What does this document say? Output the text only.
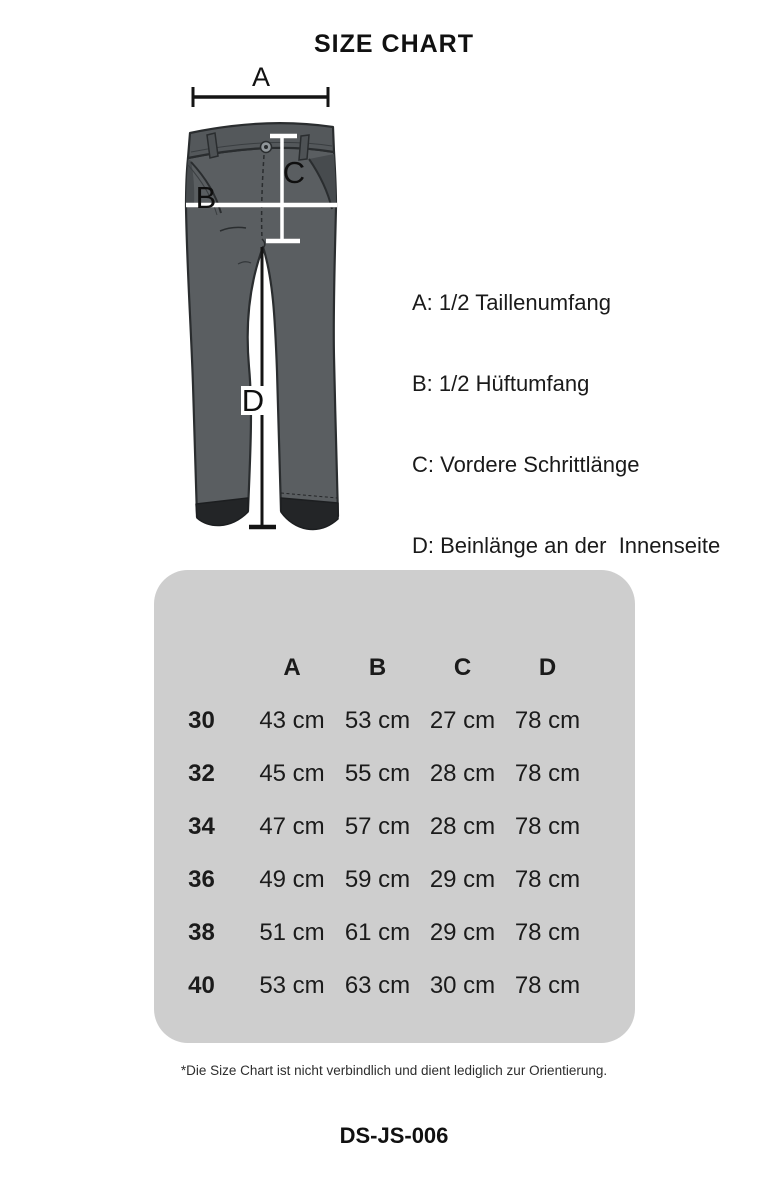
SIZE CHART
A
B
C
D

A: 1/2 Taillenumfang

B: 1/2 Hüftumfang

C: Vordere Schrittlänge

D: Beinlänge an der  Innenseite

A	B	C	D
30	43 cm 53 cm 27 cm 78 cm
32	45 cm 55 cm 28 cm 78 cm
34	47 cm 57 cm 28 cm 78 cm
36	49 cm 59 cm 29 cm 78 cm
38	51 cm 61 cm 29 cm 78 cm
40	53 cm 63 cm 30 cm 78 cm

*Die Size Chart ist nicht verbindlich und dient lediglich zur Orientierung.

DS-JS-006
